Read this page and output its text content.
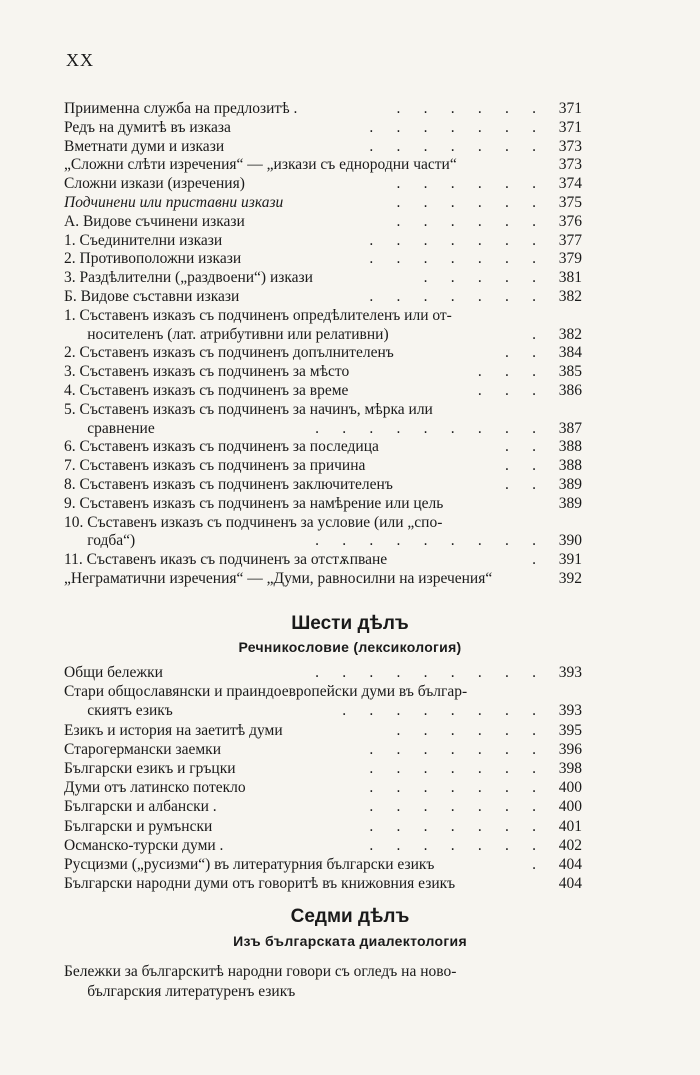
XX
Приименна служба на предлозитѣ .	.  .  .  .  .  . 371
Редъ на думитѣ въ изказа	.  .  .  .  .  .  . 371
Вметнати думи и изкази	.  .  .  .  .  .  . 373
„Сложни слѣти изречения“ — „изкази съ еднородни части“	373
Сложни изкази (изречения)	.  .  .  .  .  . 374
Подчинени или приставни изкази	.  .  .  .  .  . 375
А. Видове съчинени изкази	.  .  .  .  .  . 376
1. Съединителни изкази	.  .  .  .  .  .  . 377
2. Противоположни изкази	.  .  .  .  .  .  . 379
3. Раздѣлителни („раздвоени“) изкази	.  .  .  .  . 381
Б. Видове съставни изкази	.  .  .  .  .  .  . 382
1. Съставенъ изказъ съ подчиненъ опредѣлителенъ или от-
  носителенъ (лат. атрибутивни или релативни)	. 382
2. Съставенъ изказъ съ подчиненъ допълнителенъ	.  . 384
3. Съставенъ изказъ съ подчиненъ за мѣсто	.  .  . 385
4. Съставенъ изказъ съ подчиненъ за време	.  .  . 386
5. Съставенъ изказъ съ подчиненъ за начинъ, мѣрка или
  сравнение	.  .  .  .  .  .  .  .  . 387
6. Съставенъ изказъ съ подчиненъ за последица	.  . 388
7. Съставенъ изказъ съ подчиненъ за причина	.  . 388
8. Съставенъ изказъ съ подчиненъ заключителенъ	.  . 389
9. Съставенъ изказъ съ подчиненъ за намѣрение или цель	389
10. Съставенъ изказъ съ подчиненъ за условие (или „спо-
  годба“)	.  .  .  .  .  .  .  .  . 390
11. Съставенъ иказъ съ подчиненъ за отстѫпване	. 391
„Неграматични изречения“ — „Думи, равносилни на изречения“	392
Шести дѣлъ
Речникословие (лексикология)
Общи бележки	.  .  .  .  .  .  .  .  . 393
Стари общославянски и праиндоевропейски думи въ българ-
  скиятъ езикъ	.  .  .  .  .  .  .  . 393
Езикъ и история на заетитѣ думи	.  .  .  .  .  . 395
Старогермански заемки	.  .  .  .  .  .  . 396
Български езикъ и гръцки	.  .  .  .  .  .  . 398
Думи отъ латинско потекло	.  .  .  .  .  .  . 400
Български и албански .	.  .  .  .  .  .  . 400
Български и румънски	.  .  .  .  .  .  . 401
Османско-турски думи .	.  .  .  .  .  .  . 402
Русцизми („русизми“) въ литературния български езикъ	. 404
Български народни думи отъ говоритѣ въ книжовния езикъ	404
Седми дѣлъ
Изъ българската диалектология
Бележки за българскитѣ народни говори съ огледъ на ново-
  българския литературенъ езикъ
